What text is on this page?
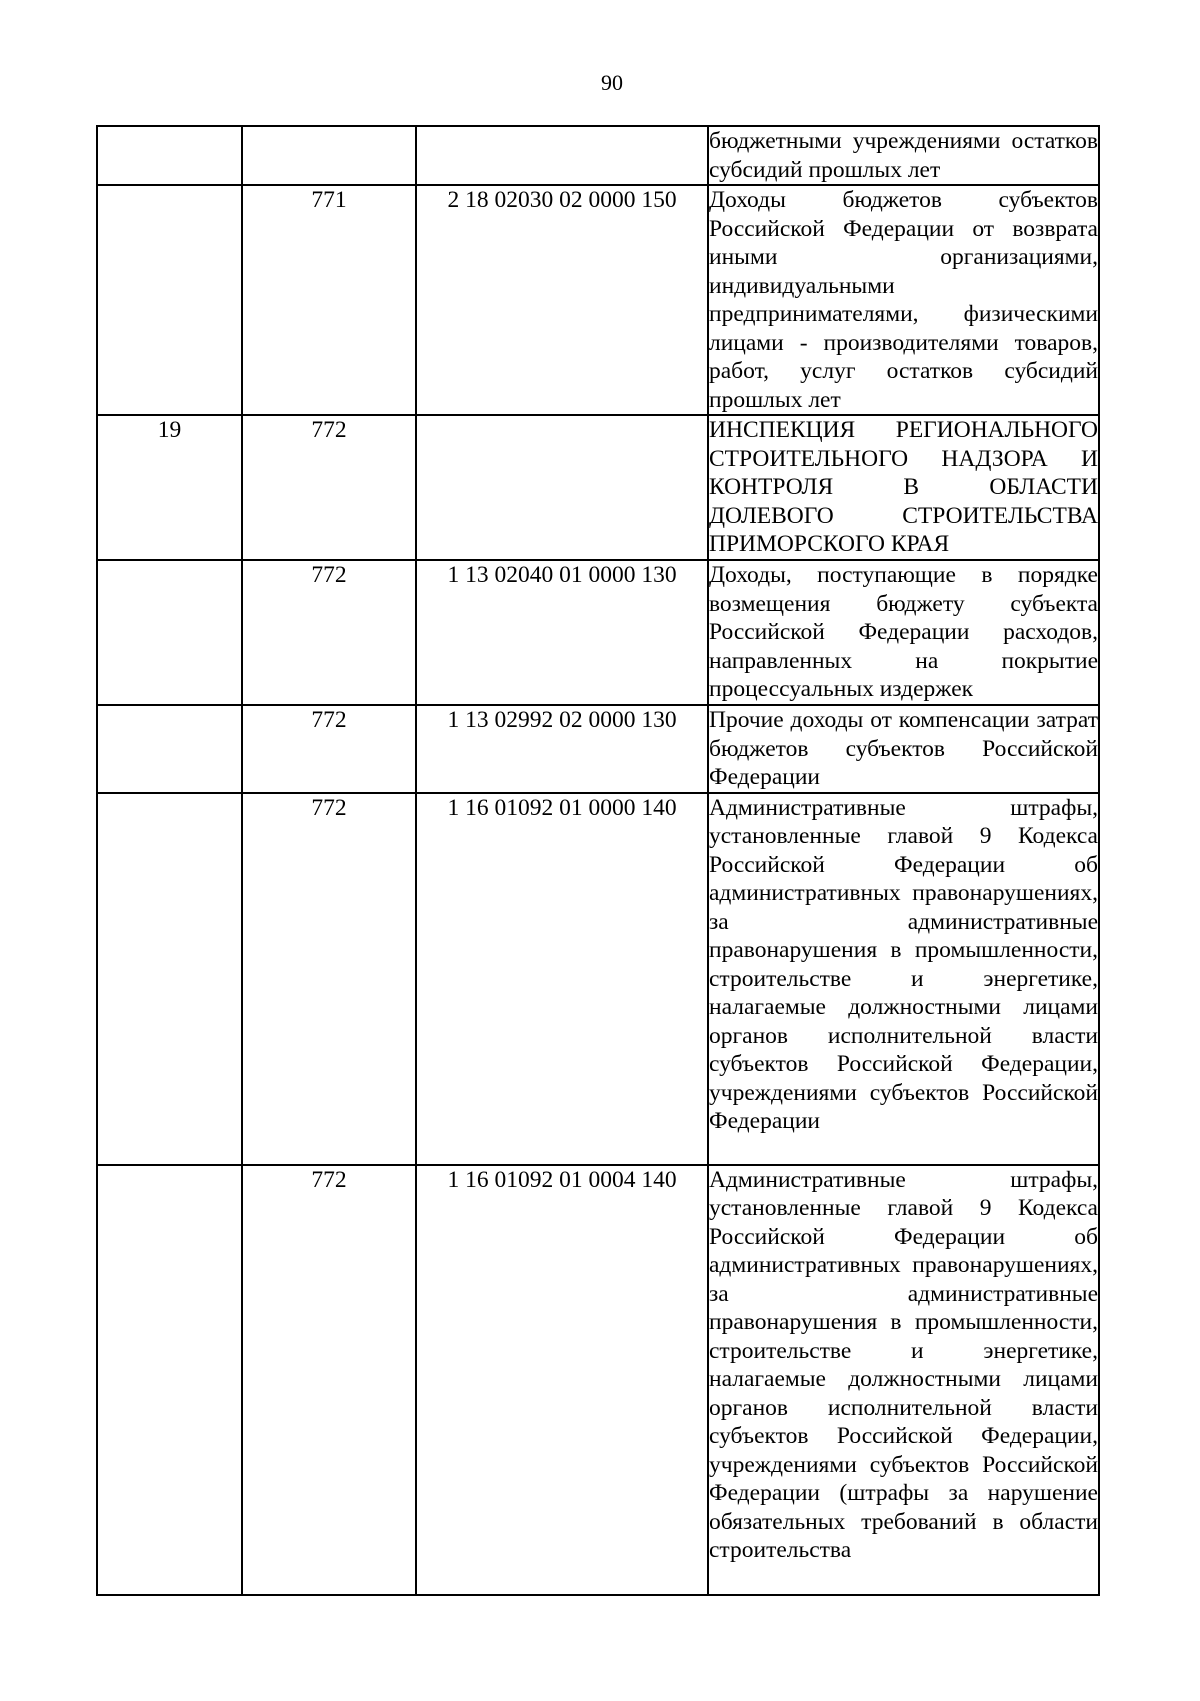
90
			бюджетными учреждениями остатков субсидий прошлых лет
	771	2 18 02030 02 0000 150	Доходы бюджетов субъектов Российской Федерации от возврата иными организациями, индивидуальными предпринимателями, физическими лицами - производителями товаров, работ, услуг остатков субсидий прошлых лет
19	772		ИНСПЕКЦИЯ РЕГИОНАЛЬНОГО СТРОИТЕЛЬНОГО НАДЗОРА И КОНТРОЛЯ В ОБЛАСТИ ДОЛЕВОГО СТРОИТЕЛЬСТВА ПРИМОРСКОГО КРАЯ
	772	1 13 02040 01 0000 130	Доходы, поступающие в порядке возмещения бюджету субъекта Российской Федерации расходов, направленных на покрытие процессуальных издержек
	772	1 13 02992 02 0000 130	Прочие доходы от компенсации затрат бюджетов субъектов Российской Федерации
	772	1 16 01092 01 0000 140	Административные штрафы, установленные главой 9 Кодекса Российской Федерации об административных правонарушениях, за административные правонарушения в промышленности, строительстве и энергетике, налагаемые должностными лицами органов исполнительной власти субъектов Российской Федерации, учреждениями субъектов Российской Федерации
	772	1 16 01092 01 0004 140	Административные штрафы, установленные главой 9 Кодекса Российской Федерации об административных правонарушениях, за административные правонарушения в промышленности, строительстве и энергетике, налагаемые должностными лицами органов исполнительной власти субъектов Российской Федерации, учреждениями субъектов Российской Федерации (штрафы за нарушение обязательных требований в области строительства
